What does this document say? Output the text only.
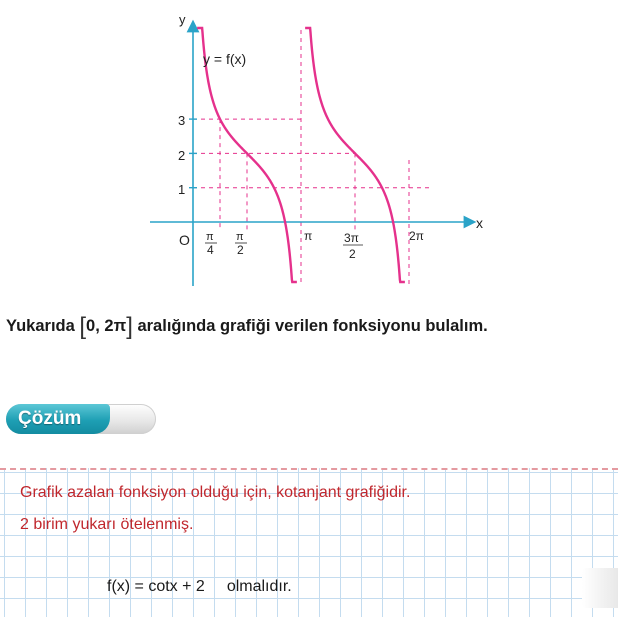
y
x
O
y = f(x)
3
2
1
π
4
π
2
π	3π
2
2π
Yukarıda [0, 2π] aralığında grafiği verilen fonksiyonu bulalım.
Çözüm
Grafik azalan fonksiyon olduğu için, kotanjant grafiğidir.
2 birim yukarı ötelenmiş.
f(x) = cotx + 2 olmalıdır.
